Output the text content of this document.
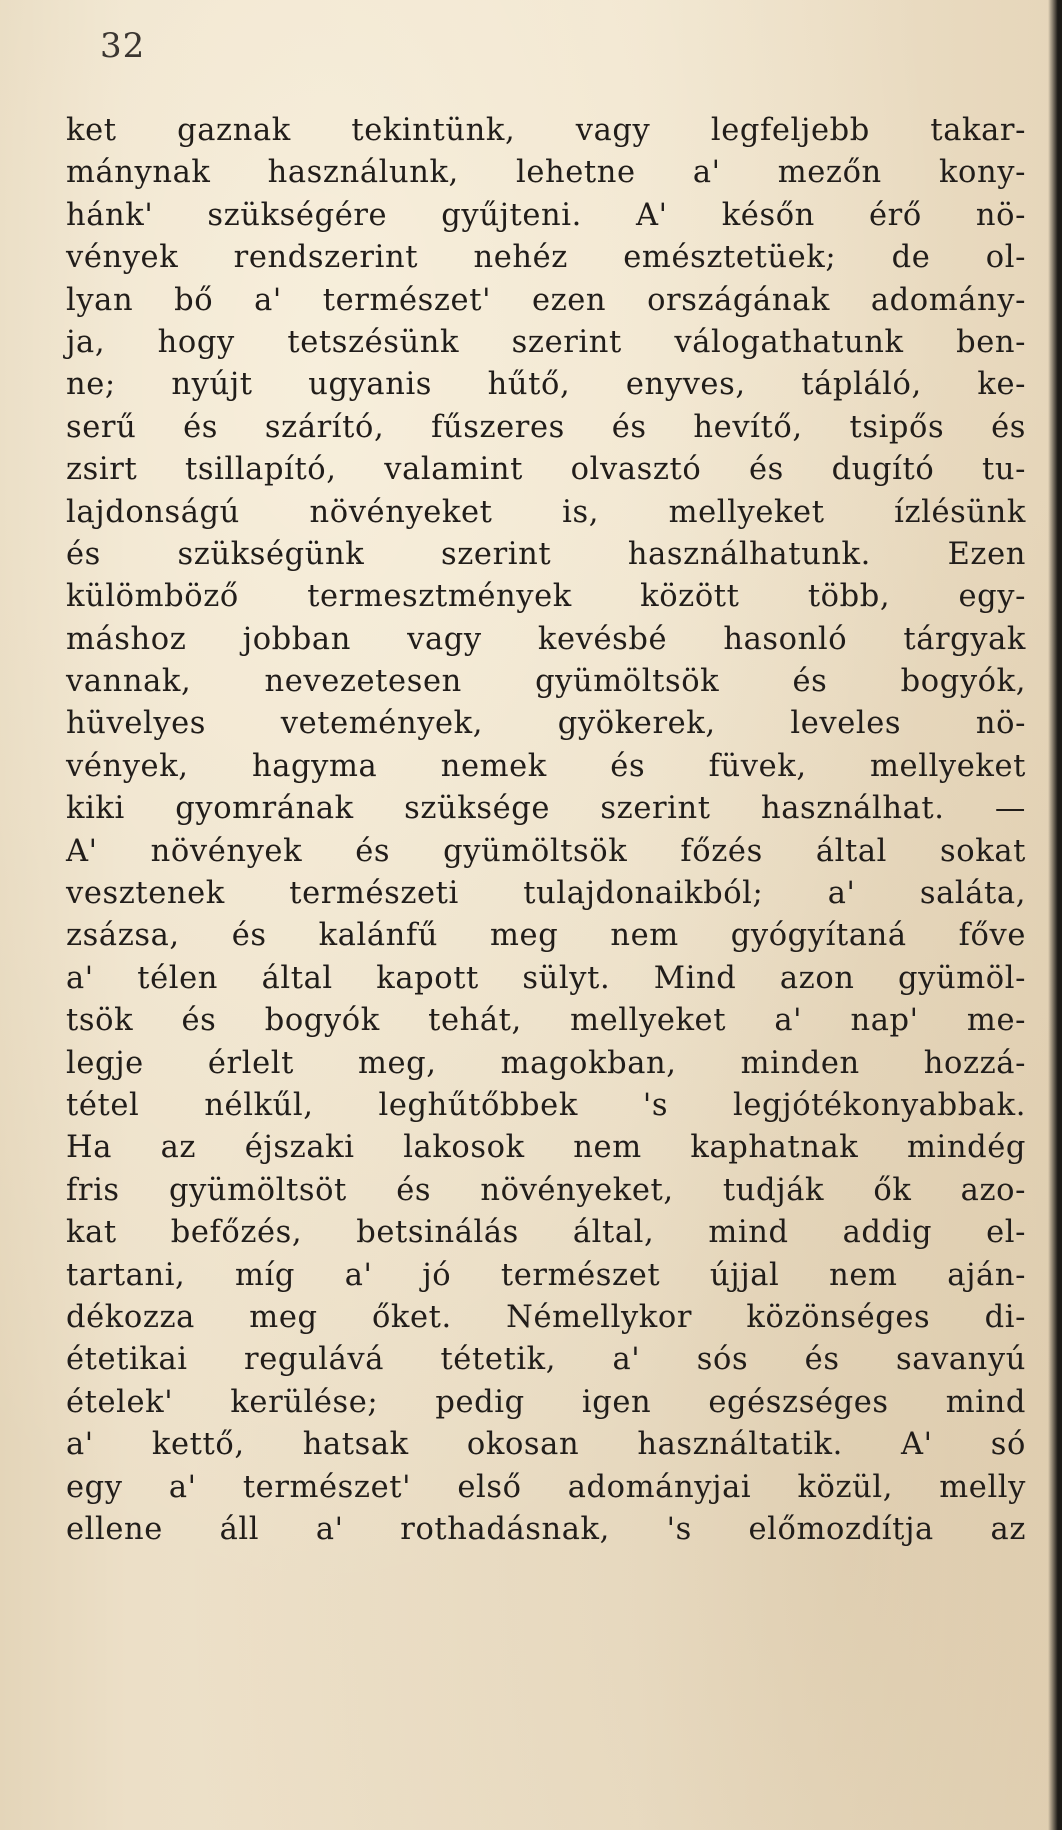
32
ket gaznak tekintünk, vagy legfeljebb takar-
mánynak használunk, lehetne a' mezőn kony-
hánk' szükségére gyűjteni. A' későn érő nö-
vények rendszerint nehéz emésztetüek; de ol-
lyan bő a' természet' ezen országának adomány-
ja, hogy tetszésünk szerint válogathatunk ben-
ne; nyújt ugyanis hűtő, enyves, tápláló, ke-
serű és szárító, fűszeres és hevítő, tsipős és
zsirt tsillapító, valamint olvasztó és dugító tu-
lajdonságú növényeket is, mellyeket ízlésünk
és szükségünk szerint használhatunk. Ezen
külömböző termesztmények között több, egy-
máshoz jobban vagy kevésbé hasonló tárgyak
vannak, nevezetesen gyümöltsök és bogyók,
hüvelyes vetemények, gyökerek, leveles nö-
vények, hagyma nemek és füvek, mellyeket
kiki gyomrának szüksége szerint használhat. —
A' növények és gyümöltsök főzés által sokat
vesztenek természeti tulajdonaikból; a' saláta,
zsázsa, és kalánfű meg nem gyógyítaná főve
a' télen által kapott sülyt. Mind azon gyümöl-
tsök és bogyók tehát, mellyeket a' nap' me-
legje érlelt meg, magokban, minden hozzá-
tétel nélkűl, leghűtőbbek 's legjótékonyabbak.
Ha az éjszaki lakosok nem kaphatnak mindég
fris gyümöltsöt és növényeket, tudják ők azo-
kat befőzés, betsinálás által, mind addig el-
tartani, míg a' jó természet újjal nem aján-
dékozza meg őket. Némellykor közönséges di-
étetikai regulává tétetik, a' sós és savanyú
ételek' kerülése; pedig igen egészséges mind
a' kettő, hatsak okosan használtatik. A' só
egy a' természet' első adományjai közül, melly
ellene áll a' rothadásnak, 's előmozdítja az
